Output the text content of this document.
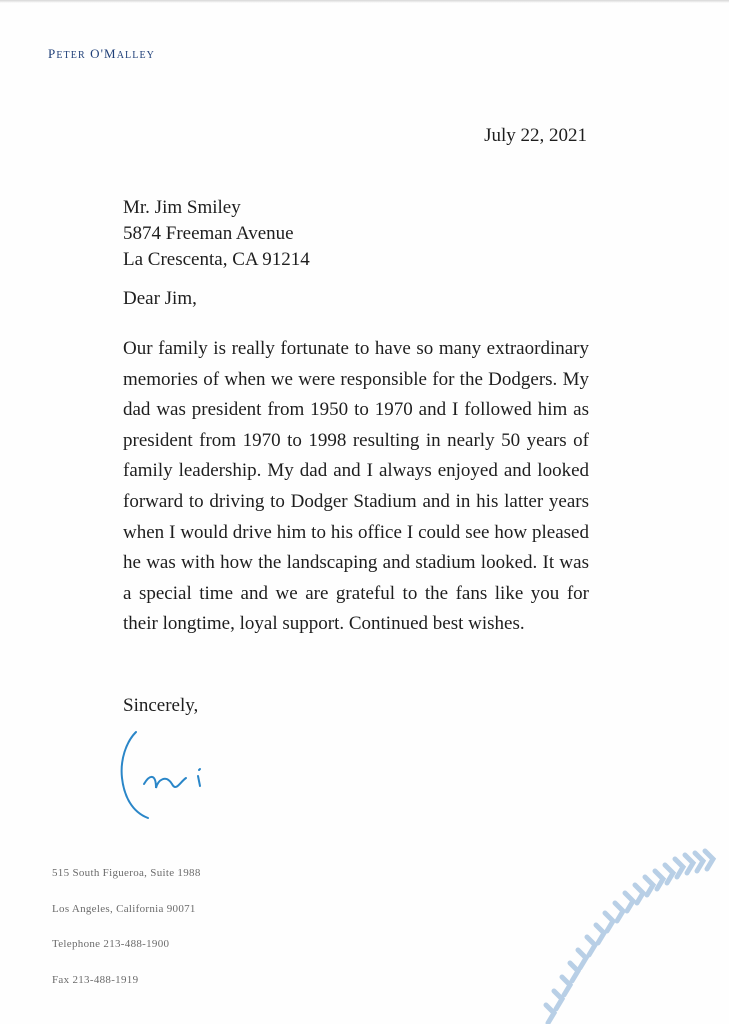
PETER O'MALLEY
July 22, 2021
Mr. Jim Smiley
5874 Freeman Avenue
La Crescenta, CA 91214
Dear Jim,
Our family is really fortunate to have so many extraordinary memories of when we were responsible for the Dodgers. My dad was president from 1950 to 1970 and I followed him as president from 1970 to 1998 resulting in nearly 50 years of family leadership. My dad and I always enjoyed and looked forward to driving to Dodger Stadium and in his latter years when I would drive him to his office I could see how pleased he was with how the landscaping and stadium looked. It was a special time and we are grateful to the fans like you for their longtime, loyal support. Continued best wishes.
Sincerely,
515 South Figueroa, Suite 1988
Los Angeles, California 90071
Telephone 213-488-1900
Fax 213-488-1919
